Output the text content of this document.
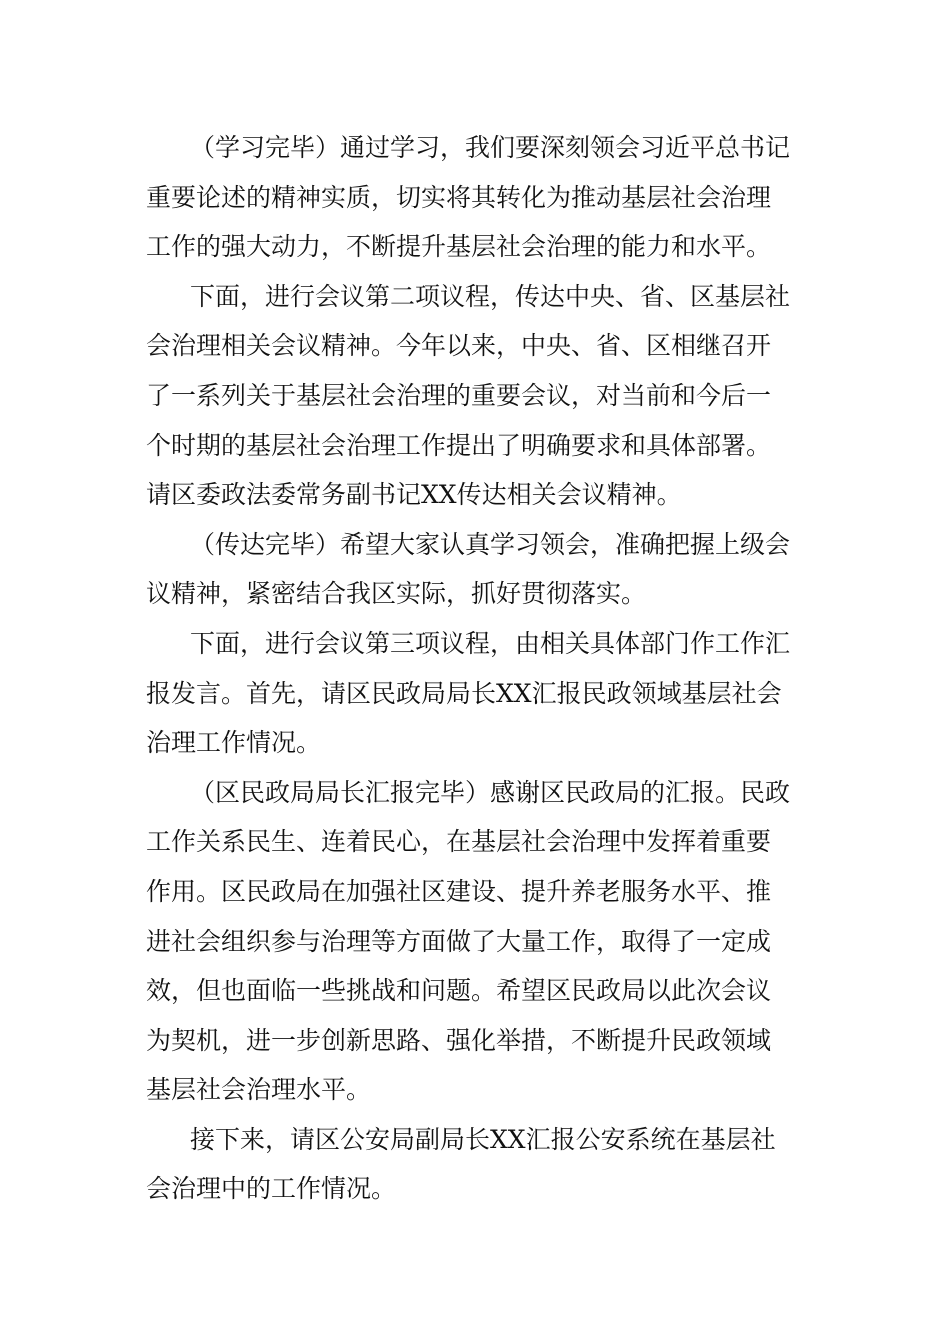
（学习完毕）通过学习，我们要深刻领会习近平总书记
重要论述的精神实质，切实将其转化为推动基层社会治理
工作的强大动力，不断提升基层社会治理的能力和水平。
下面，进行会议第二项议程，传达中央、省、区基层社
会治理相关会议精神。今年以来，中央、省、区相继召开
了一系列关于基层社会治理的重要会议，对当前和今后一
个时期的基层社会治理工作提出了明确要求和具体部署。
请区委政法委常务副书记XX传达相关会议精神。
（传达完毕）希望大家认真学习领会，准确把握上级会
议精神，紧密结合我区实际，抓好贯彻落实。
下面，进行会议第三项议程，由相关具体部门作工作汇
报发言。首先，请区民政局局长XX汇报民政领域基层社会
治理工作情况。
（区民政局局长汇报完毕）感谢区民政局的汇报。民政
工作关系民生、连着民心，在基层社会治理中发挥着重要
作用。区民政局在加强社区建设、提升养老服务水平、推
进社会组织参与治理等方面做了大量工作，取得了一定成
效，但也面临一些挑战和问题。希望区民政局以此次会议
为契机，进一步创新思路、强化举措，不断提升民政领域
基层社会治理水平。
接下来，请区公安局副局长XX汇报公安系统在基层社
会治理中的工作情况。
